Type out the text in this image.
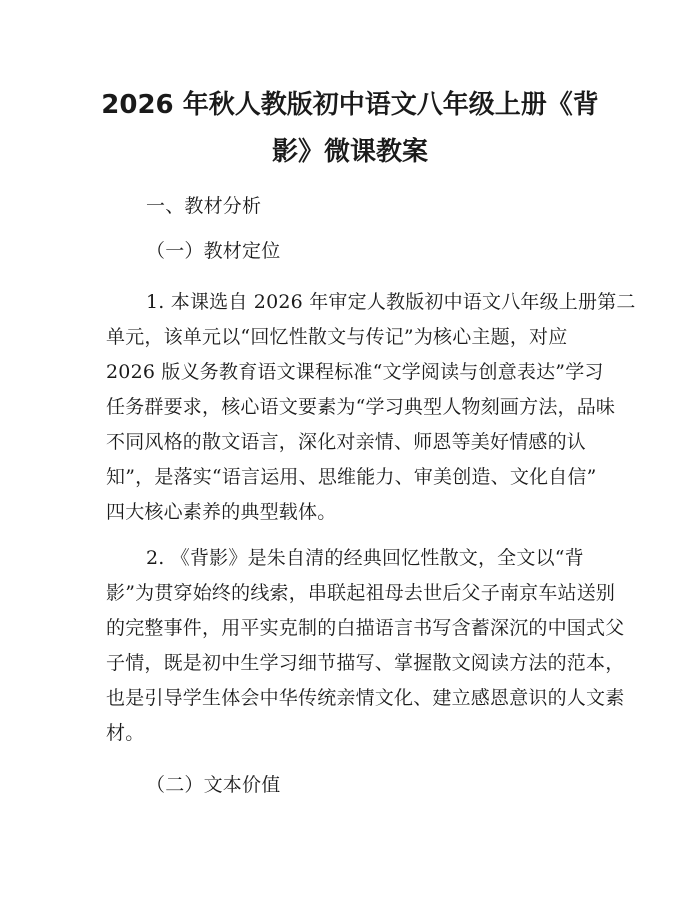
2026 年秋人教版初中语文八年级上册《背
影》微课教案
一、教材分析
（一）教材定位
1. 本课选自 2026 年审定人教版初中语文八年级上册第二
单元，该单元以“回忆性散文与传记”为核心主题，对应
2026 版义务教育语文课程标准“文学阅读与创意表达”学习
任务群要求，核心语文要素为“学习典型人物刻画方法，品味
不同风格的散文语言，深化对亲情、师恩等美好情感的认
知”，是落实“语言运用、思维能力、审美创造、文化自信”
四大核心素养的典型载体。
2. 《背影》是朱自清的经典回忆性散文，全文以“背
影”为贯穿始终的线索，串联起祖母去世后父子南京车站送别
的完整事件，用平实克制的白描语言书写含蓄深沉的中国式父
子情，既是初中生学习细节描写、掌握散文阅读方法的范本，
也是引导学生体会中华传统亲情文化、建立感恩意识的人文素
材。
（二）文本价值
